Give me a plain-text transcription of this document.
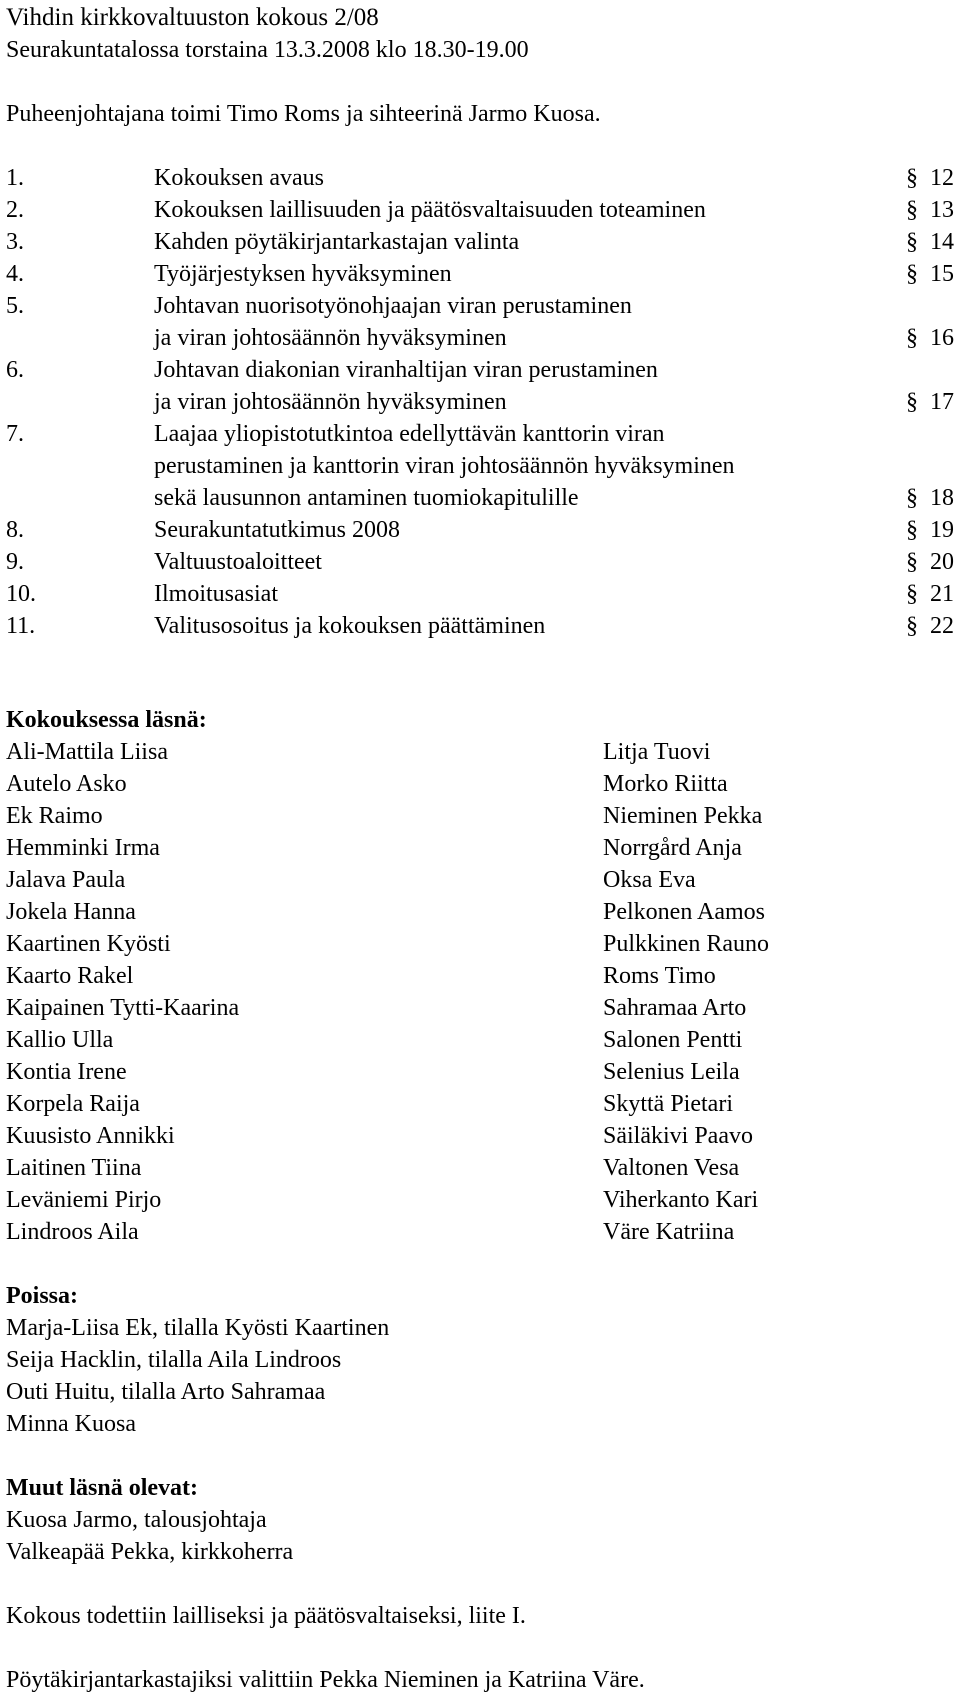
Vihdin kirkkovaltuuston kokous 2/08
Seurakuntatalossa torstaina 13.3.2008 klo 18.30-19.00
Puheenjohtajana toimi Timo Roms ja sihteerinä Jarmo Kuosa.
1.	Kokouksen avaus	§ 12
2.	Kokouksen laillisuuden ja päätösvaltaisuuden toteaminen	§ 13
3.	Kahden pöytäkirjantarkastajan valinta	§ 14
4.	Työjärjestyksen hyväksyminen	§ 15
5.	Johtavan nuorisotyönohjaajan viran perustaminen
ja viran johtosäännön hyväksyminen	§ 16
6.	Johtavan diakonian viranhaltijan viran perustaminen
ja viran johtosäännön hyväksyminen	§ 17
7.	Laajaa yliopistotutkintoa edellyttävän kanttorin viran
perustaminen ja kanttorin viran johtosäännön hyväksyminen
sekä lausunnon antaminen tuomiokapitulille	§ 18
8.	Seurakuntatutkimus 2008	§ 19
9.	Valtuustoaloitteet	§ 20
10.	Ilmoitusasiat	§ 21
11.	Valitusosoitus ja kokouksen päättäminen	§ 22
Kokouksessa läsnä:
Ali-Mattila Liisa
Autelo Asko
Ek Raimo
Hemminki Irma
Jalava Paula
Jokela Hanna
Kaartinen Kyösti
Kaarto Rakel
Kaipainen Tytti-Kaarina
Kallio Ulla
Kontia Irene
Korpela Raija
Kuusisto Annikki
Laitinen Tiina
Leväniemi Pirjo
Lindroos Aila
Litja Tuovi
Morko Riitta
Nieminen Pekka
Norrgård Anja
Oksa Eva
Pelkonen Aamos
Pulkkinen Rauno
Roms Timo
Sahramaa Arto
Salonen Pentti
Selenius Leila
Skyttä Pietari
Säiläkivi Paavo
Valtonen Vesa
Viherkanto Kari
Väre Katriina
Poissa:
Marja-Liisa Ek, tilalla Kyösti Kaartinen
Seija Hacklin, tilalla Aila Lindroos
Outi Huitu, tilalla Arto Sahramaa
Minna Kuosa
Muut läsnä olevat:
Kuosa Jarmo, talousjohtaja
Valkeapää Pekka, kirkkoherra
Kokous todettiin lailliseksi ja päätösvaltaiseksi, liite I.
Pöytäkirjantarkastajiksi valittiin Pekka Nieminen ja Katriina Väre.
